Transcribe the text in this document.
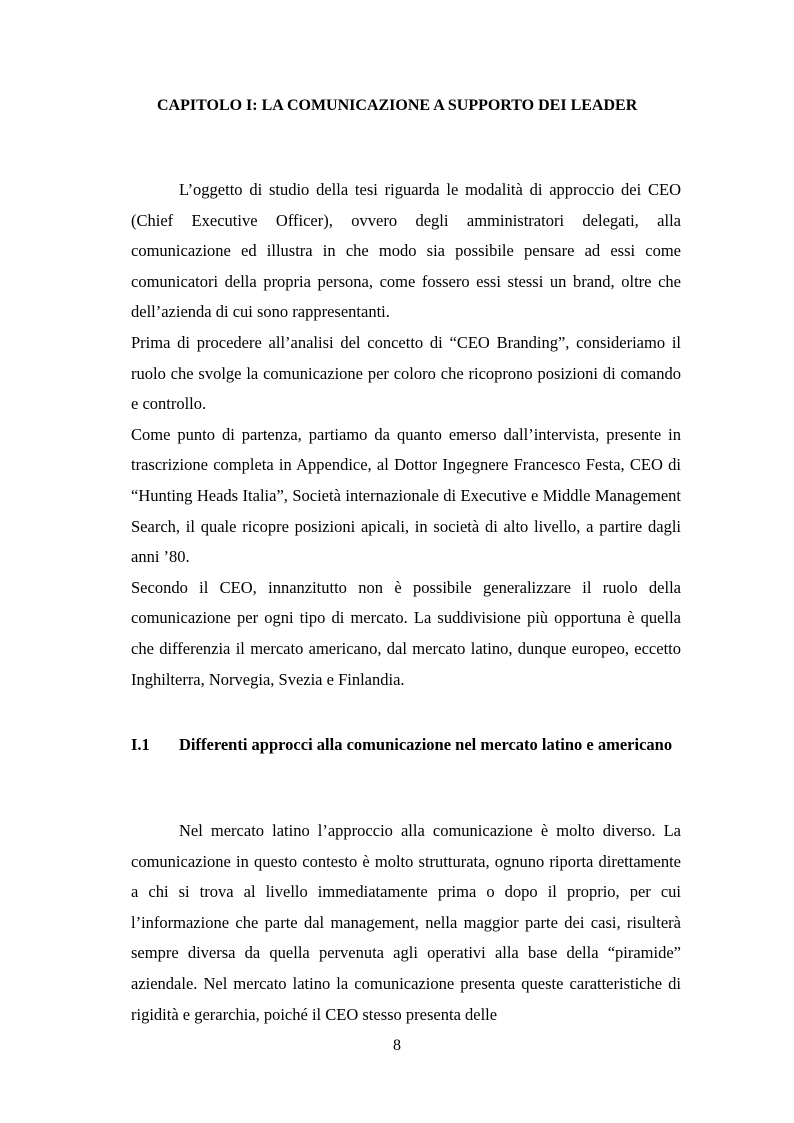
CAPITOLO I: LA COMUNICAZIONE A SUPPORTO DEI LEADER

L’oggetto di studio della tesi riguarda le modalità di approccio dei CEO (Chief Executive Officer), ovvero degli amministratori delegati, alla comunicazione ed illustra in che modo sia possibile pensare ad essi come comunicatori della propria persona, come fossero essi stessi un brand, oltre che dell’azienda di cui sono rappresentanti.

Prima di procedere all’analisi del concetto di “CEO Branding”, consideriamo il ruolo che svolge la comunicazione per coloro che ricoprono posizioni di comando e controllo.

Come punto di partenza, partiamo da quanto emerso dall’intervista, presente in trascrizione completa in Appendice, al Dottor Ingegnere Francesco Festa, CEO di “Hunting Heads Italia”, Società internazionale di Executive e Middle Management Search, il quale ricopre posizioni apicali, in società di alto livello, a partire dagli anni ’80.

Secondo il CEO, innanzitutto non è possibile generalizzare il ruolo della comunicazione per ogni tipo di mercato. La suddivisione più opportuna è quella che differenzia il mercato americano, dal mercato latino, dunque europeo, eccetto Inghilterra, Norvegia, Svezia e Finlandia.

I.1 Differenti approcci alla comunicazione nel mercato latino e americano

Nel mercato latino l’approccio alla comunicazione è molto diverso. La comunicazione in questo contesto è molto strutturata, ognuno riporta direttamente a chi si trova al livello immediatamente prima o dopo il proprio, per cui l’informazione che parte dal management, nella maggior parte dei casi, risulterà sempre diversa da quella pervenuta agli operativi alla base della “piramide” aziendale. Nel mercato latino la comunicazione presenta queste caratteristiche di rigidità e gerarchia, poiché il CEO stesso presenta delle

8
